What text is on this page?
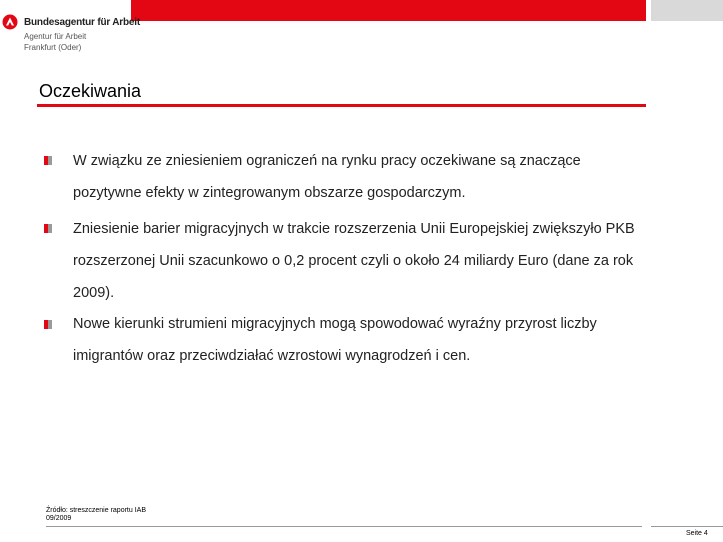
Bundesagentur für Arbeit
Agentur für Arbeit
Frankfurt (Oder)
Oczekiwania

W związku ze zniesieniem ograniczeń na rynku pracy oczekiwane są znaczące pozytywne efekty w zintegrowanym obszarze gospodarczym.

Zniesienie barier migracyjnych w trakcie rozszerzenia Unii Europejskiej zwiększyło PKB rozszerzonej Unii szacunkowo o 0,2 procent czyli o około 24 miliardy Euro (dane za rok 2009).

Nowe kierunki strumieni migracyjnych mogą spowodować wyraźny przyrost liczby imigrantów oraz przeciwdziałać wzrostowi wynagrodzeń i cen.

Źródło: streszczenie raportu IAB
09/2009
Seite 4
